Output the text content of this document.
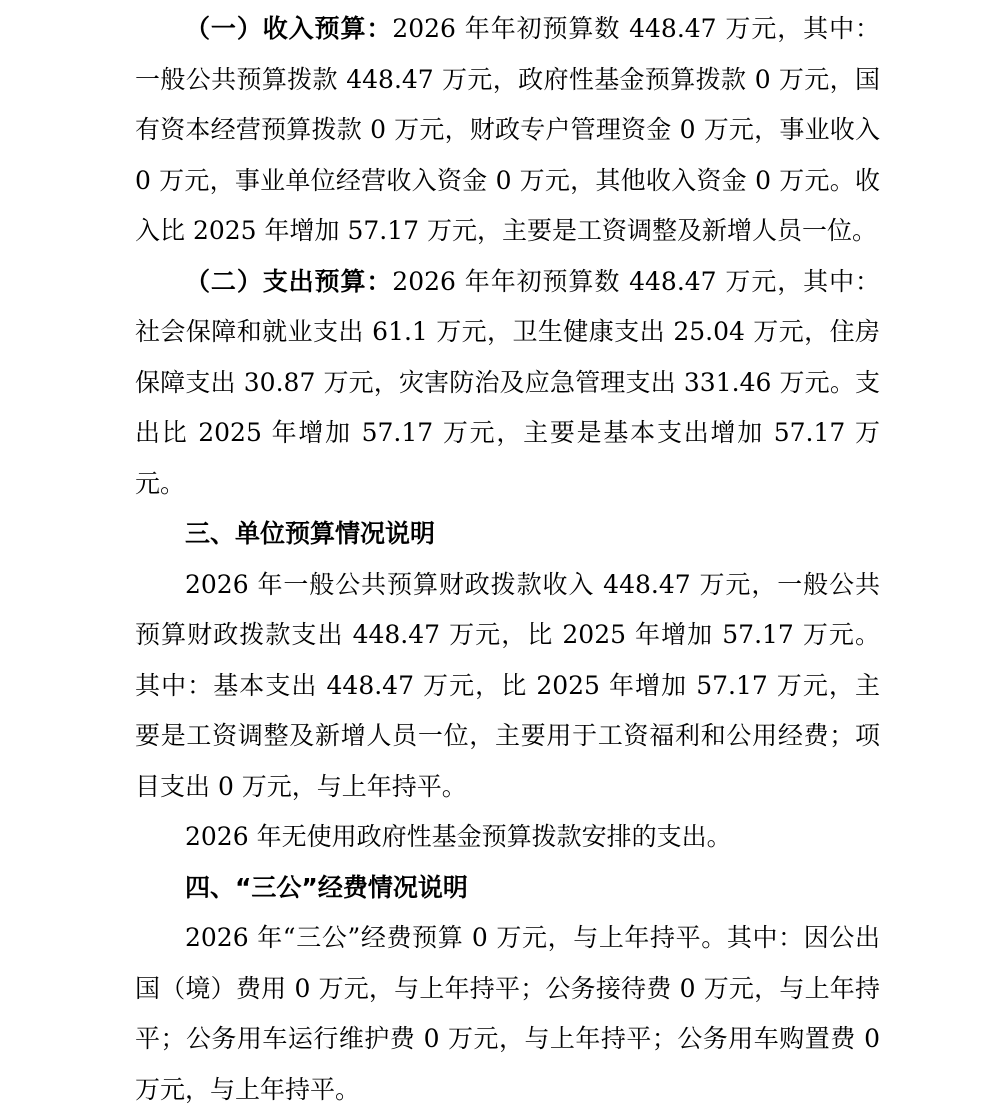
（一）收入预算：2026 年年初预算数 448.47 万元，其中：一般公共预算拨款 448.47 万元，政府性基金预算拨款 0 万元，国有资本经营预算拨款 0 万元，财政专户管理资金 0 万元，事业收入 0 万元，事业单位经营收入资金 0 万元，其他收入资金 0 万元。收入比 2025 年增加 57.17 万元，主要是工资调整及新增人员一位。

（二）支出预算：2026 年年初预算数 448.47 万元，其中：社会保障和就业支出 61.1 万元，卫生健康支出 25.04 万元，住房保障支出 30.87 万元，灾害防治及应急管理支出 331.46 万元。支出比 2025 年增加 57.17 万元，主要是基本支出增加 57.17 万元。

三、单位预算情况说明

2026 年一般公共预算财政拨款收入 448.47 万元，一般公共预算财政拨款支出 448.47 万元，比 2025 年增加 57.17 万元。其中：基本支出 448.47 万元，比 2025 年增加 57.17 万元，主要是工资调整及新增人员一位，主要用于工资福利和公用经费；项目支出 0 万元，与上年持平。

2026 年无使用政府性基金预算拨款安排的支出。

四、“三公”经费情况说明

2026 年“三公”经费预算 0 万元，与上年持平。其中：因公出国（境）费用 0 万元，与上年持平；公务接待费 0 万元，与上年持平；公务用车运行维护费 0 万元，与上年持平；公务用车购置费 0 万元，与上年持平。
